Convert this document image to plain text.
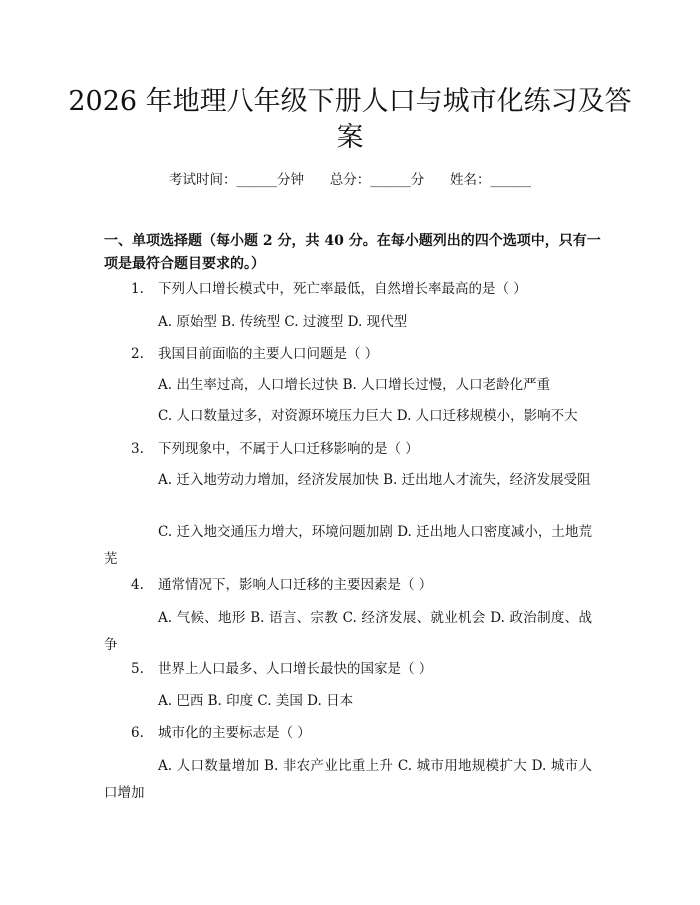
2026 年地理八年级下册人口与城市化练习及答案
考试时间：______分钟      总分：______分      姓名：______

一、单项选择题（每小题 2 分，共 40 分。在每小题列出的四个选项中，只有一项是最符合题目要求的。）

1. 下列人口增长模式中，死亡率最低，自然增长率最高的是（ ）

A. 原始型 B. 传统型 C. 过渡型 D. 现代型

2. 我国目前面临的主要人口问题是（ ）

A. 出生率过高，人口增长过快 B. 人口增长过慢，人口老龄化严重

C. 人口数量过多，对资源环境压力巨大 D. 人口迁移规模小，影响不大

3. 下列现象中，不属于人口迁移影响的是（ ）

A. 迁入地劳动力增加，经济发展加快 B. 迁出地人才流失，经济发展受阻

C. 迁入地交通压力增大，环境问题加剧 D. 迁出地人口密度减小，土地荒芜

4. 通常情况下，影响人口迁移的主要因素是（ ）

A. 气候、地形 B. 语言、宗教 C. 经济发展、就业机会 D. 政治制度、战争

5. 世界上人口最多、人口增长最快的国家是（ ）

A. 巴西 B. 印度 C. 美国 D. 日本

6. 城市化的主要标志是（ ）

A. 人口数量增加 B. 非农产业比重上升 C. 城市用地规模扩大 D. 城市人口增加
